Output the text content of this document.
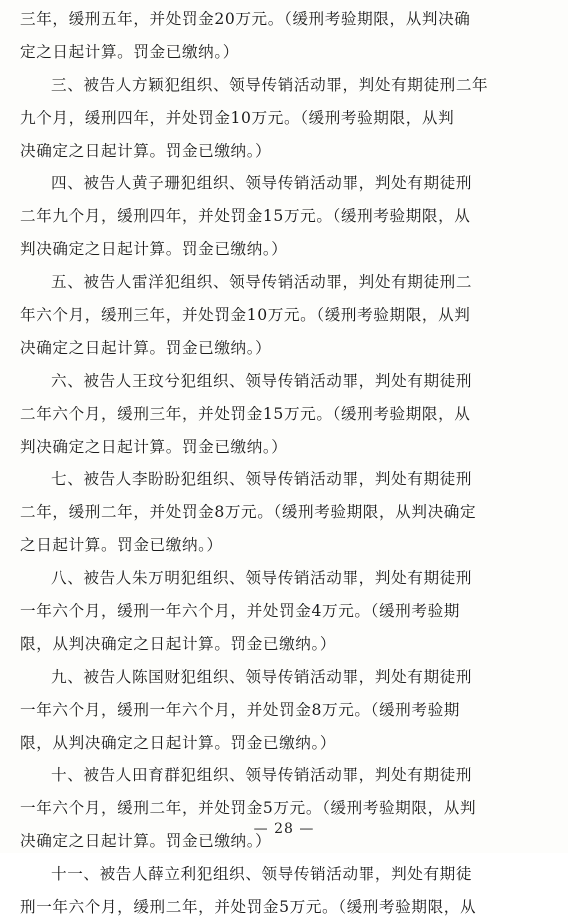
三年，缓刑五年，并处罚金20万元。（缓刑考验期限，从判决确
定之日起计算。罚金已缴纳。）
三、被告人方颖犯组织、领导传销活动罪，判处有期徒刑二年
九个月，缓刑四年，并处罚金10万元。（缓刑考验期限，从判
决确定之日起计算。罚金已缴纳。）
四、被告人黄子珊犯组织、领导传销活动罪，判处有期徒刑
二年九个月，缓刑四年，并处罚金15万元。（缓刑考验期限，从
判决确定之日起计算。罚金已缴纳。）
五、被告人雷洋犯组织、领导传销活动罪，判处有期徒刑二
年六个月，缓刑三年，并处罚金10万元。（缓刑考验期限，从判
决确定之日起计算。罚金已缴纳。）
六、被告人王玟兮犯组织、领导传销活动罪，判处有期徒刑
二年六个月，缓刑三年，并处罚金15万元。（缓刑考验期限，从
判决确定之日起计算。罚金已缴纳。）
七、被告人李盼盼犯组织、领导传销活动罪，判处有期徒刑
二年，缓刑二年，并处罚金8万元。（缓刑考验期限，从判决确定
之日起计算。罚金已缴纳。）
八、被告人朱万明犯组织、领导传销活动罪，判处有期徒刑
一年六个月，缓刑一年六个月，并处罚金4万元。（缓刑考验期
限，从判决确定之日起计算。罚金已缴纳。）
九、被告人陈国财犯组织、领导传销活动罪，判处有期徒刑
一年六个月，缓刑一年六个月，并处罚金8万元。（缓刑考验期
限，从判决确定之日起计算。罚金已缴纳。）
十、被告人田育群犯组织、领导传销活动罪，判处有期徒刑
一年六个月，缓刑二年，并处罚金5万元。（缓刑考验期限，从判
决确定之日起计算。罚金已缴纳。）
十一、被告人薛立利犯组织、领导传销活动罪，判处有期徒
刑一年六个月，缓刑二年，并处罚金5万元。（缓刑考验期限，从
— 28 —
